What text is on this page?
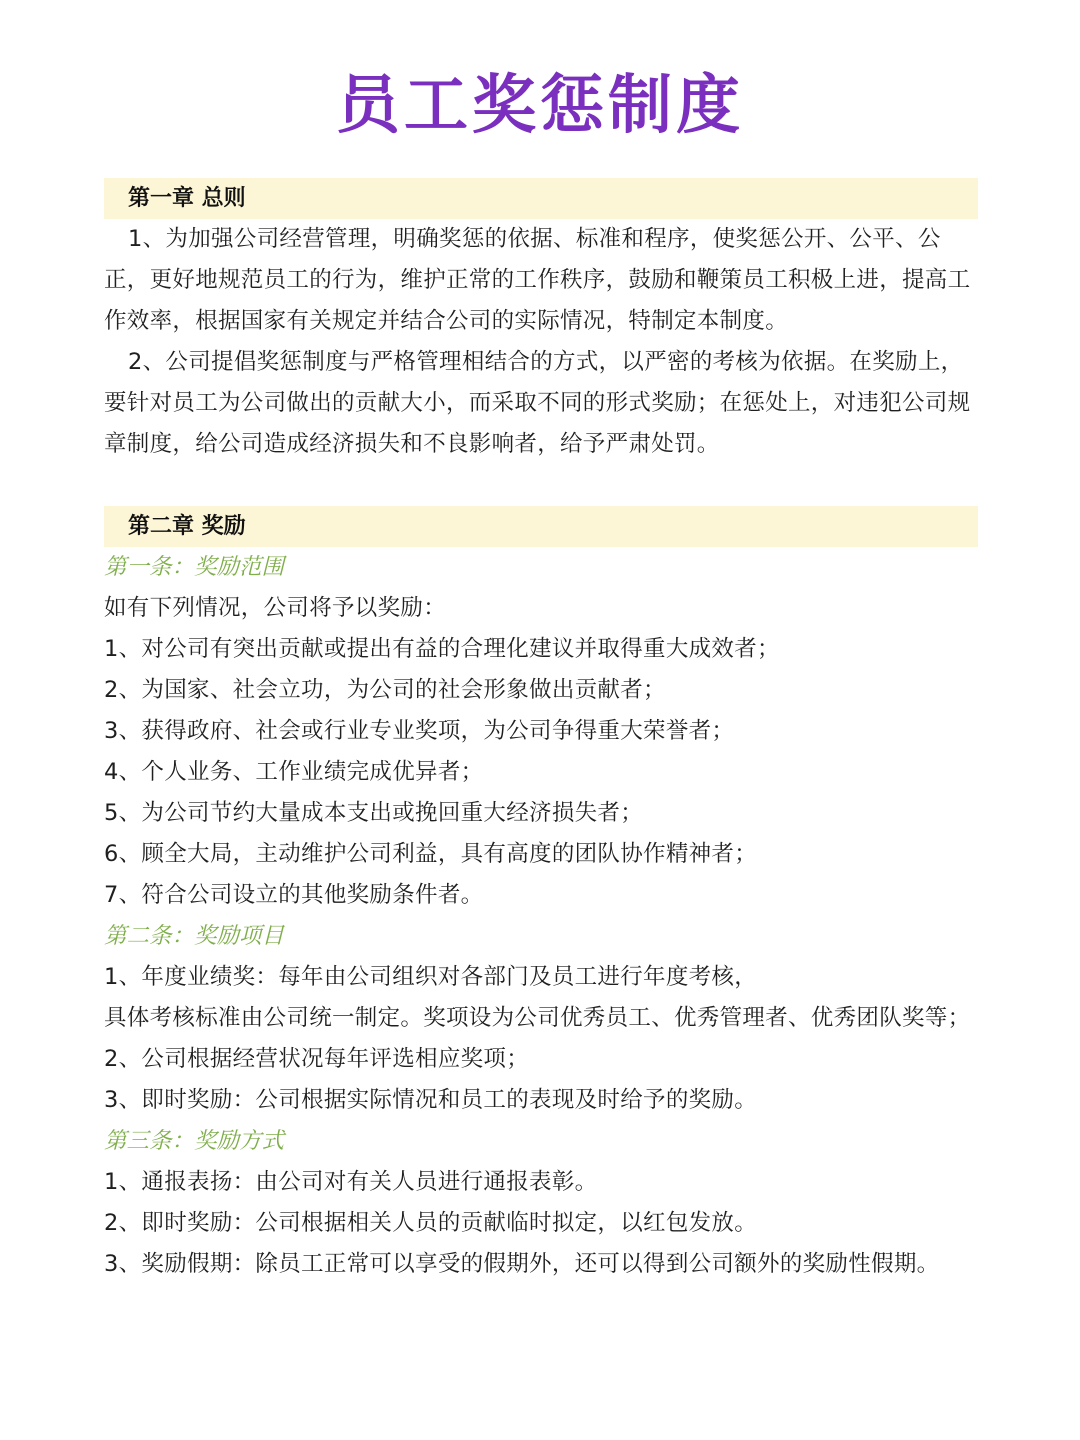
员工奖惩制度
第一章 总则

1、为加强公司经营管理，明确奖惩的依据、标准和程序，使奖惩公开、公平、公正，更好地规范员工的行为，维护正常的工作秩序，鼓励和鞭策员工积极上进，提高工作效率，根据国家有关规定并结合公司的实际情况，特制定本制度。

2、公司提倡奖惩制度与严格管理相结合的方式，以严密的考核为依据。在奖励上，要针对员工为公司做出的贡献大小，而采取不同的形式奖励；在惩处上，对违犯公司规章制度，给公司造成经济损失和不良影响者，给予严肃处罚。

第二章 奖励

第一条：奖励范围

如有下列情况，公司将予以奖励：

1、对公司有突出贡献或提出有益的合理化建议并取得重大成效者；

2、为国家、社会立功，为公司的社会形象做出贡献者；

3、获得政府、社会或行业专业奖项，为公司争得重大荣誉者；

4、个人业务、工作业绩完成优异者；

5、为公司节约大量成本支出或挽回重大经济损失者；

6、顾全大局，主动维护公司利益，具有高度的团队协作精神者；

7、符合公司设立的其他奖励条件者。

第二条：奖励项目

1、年度业绩奖：每年由公司组织对各部门及员工进行年度考核，

具体考核标准由公司统一制定。奖项设为公司优秀员工、优秀管理者、优秀团队奖等；

2、公司根据经营状况每年评选相应奖项；

3、即时奖励：公司根据实际情况和员工的表现及时给予的奖励。

第三条：奖励方式

1、通报表扬：由公司对有关人员进行通报表彰。

2、即时奖励：公司根据相关人员的贡献临时拟定，以红包发放。

3、奖励假期：除员工正常可以享受的假期外，还可以得到公司额外的奖励性假期。
